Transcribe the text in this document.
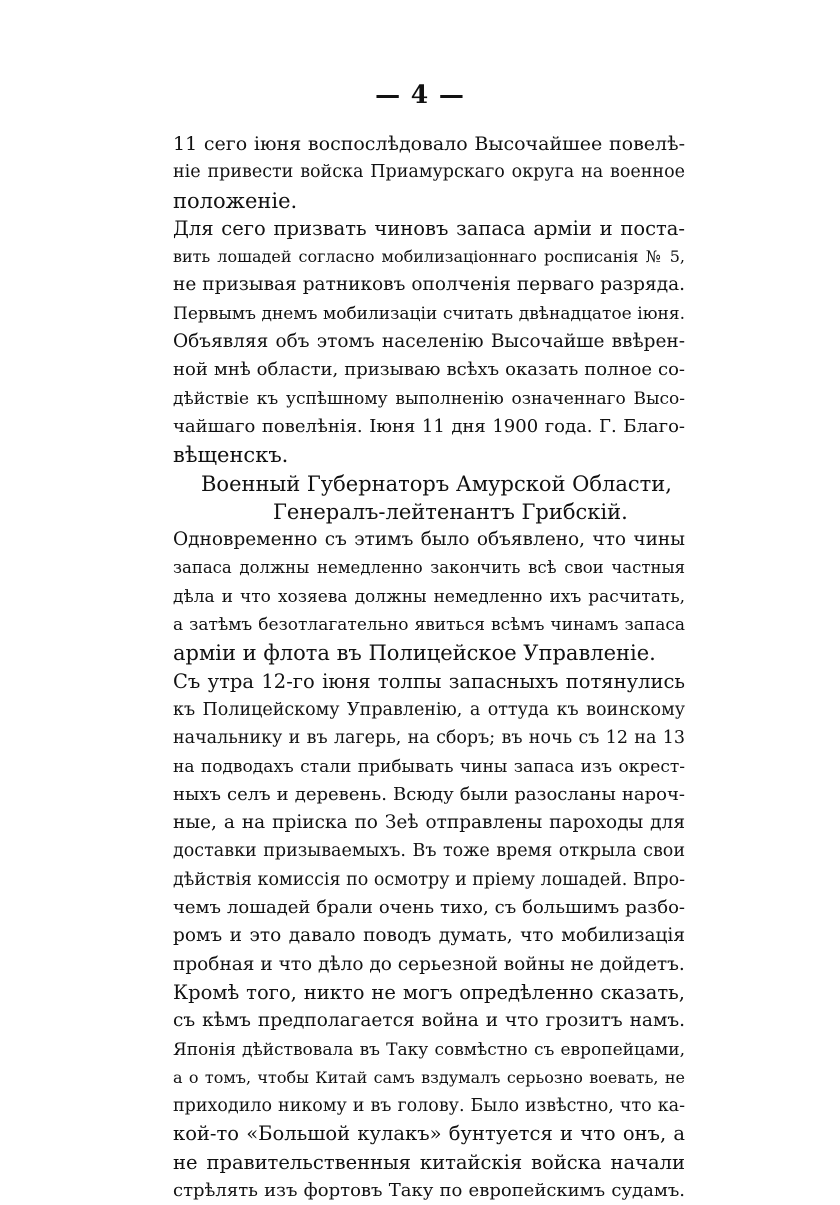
— 4 —
11 сего іюня воспослѣдовало Высочайшее повелѣ-
ніе привести войска Приамурскаго округа на военное
положеніе.
Для сего призвать чиновъ запаса арміи и поста-
вить лошадей согласно мобилизаціоннаго росписанія № 5,
не призывая ратниковъ ополченія перваго разряда.
Первымъ днемъ мобилизаціи считать двѣнадцатое іюня.
Объявляя объ этомъ населенію Высочайше ввѣрен-
ной мнѣ области, призываю всѣхъ оказать полное со-
дѣйствіе къ успѣшному выполненію означеннаго Высо-
чайшаго повелѣнія. Іюня 11 дня 1900 года. Г. Благо-
вѣщенскъ.
Военный Губернаторъ Амурской Области,
Генералъ-лейтенантъ Грибскій.
Одновременно съ этимъ было объявлено, что чины
запаса должны немедленно закончить всѣ свои частныя
дѣла и что хозяева должны немедленно ихъ расчитать,
а затѣмъ безотлагательно явиться всѣмъ чинамъ запаса
арміи и флота въ Полицейское Управленіе.
Съ утра 12-го іюня толпы запасныхъ потянулись
къ Полицейскому Управленію, а оттуда къ воинскому
начальнику и въ лагерь, на сборъ; въ ночь съ 12 на 13
на подводахъ стали прибывать чины запаса изъ окрест-
ныхъ селъ и деревень. Всюду были разосланы нароч-
ные, а на пріиска по Зеѣ отправлены пароходы для
доставки призываемыхъ. Въ тоже время открыла свои
дѣйствія комиссія по осмотру и пріему лошадей. Впро-
чемъ лошадей брали очень тихо, съ большимъ разбо-
ромъ и это давало поводъ думать, что мобилизація
пробная и что дѣло до серьезной войны не дойдетъ.
Кромѣ того, никто не могъ опредѣленно сказать,
съ кѣмъ предполагается война и что грозитъ намъ.
Японія дѣйствовала въ Таку совмѣстно съ европейцами,
а о томъ, чтобы Китай самъ вздумалъ серьозно воевать, не
приходило никому и въ голову. Было извѣстно, что ка-
кой-то «Большой кулакъ» бунтуется и что онъ, а
не правительственныя китайскія войска начали
стрѣлять изъ фортовъ Таку по европейскимъ судамъ.
